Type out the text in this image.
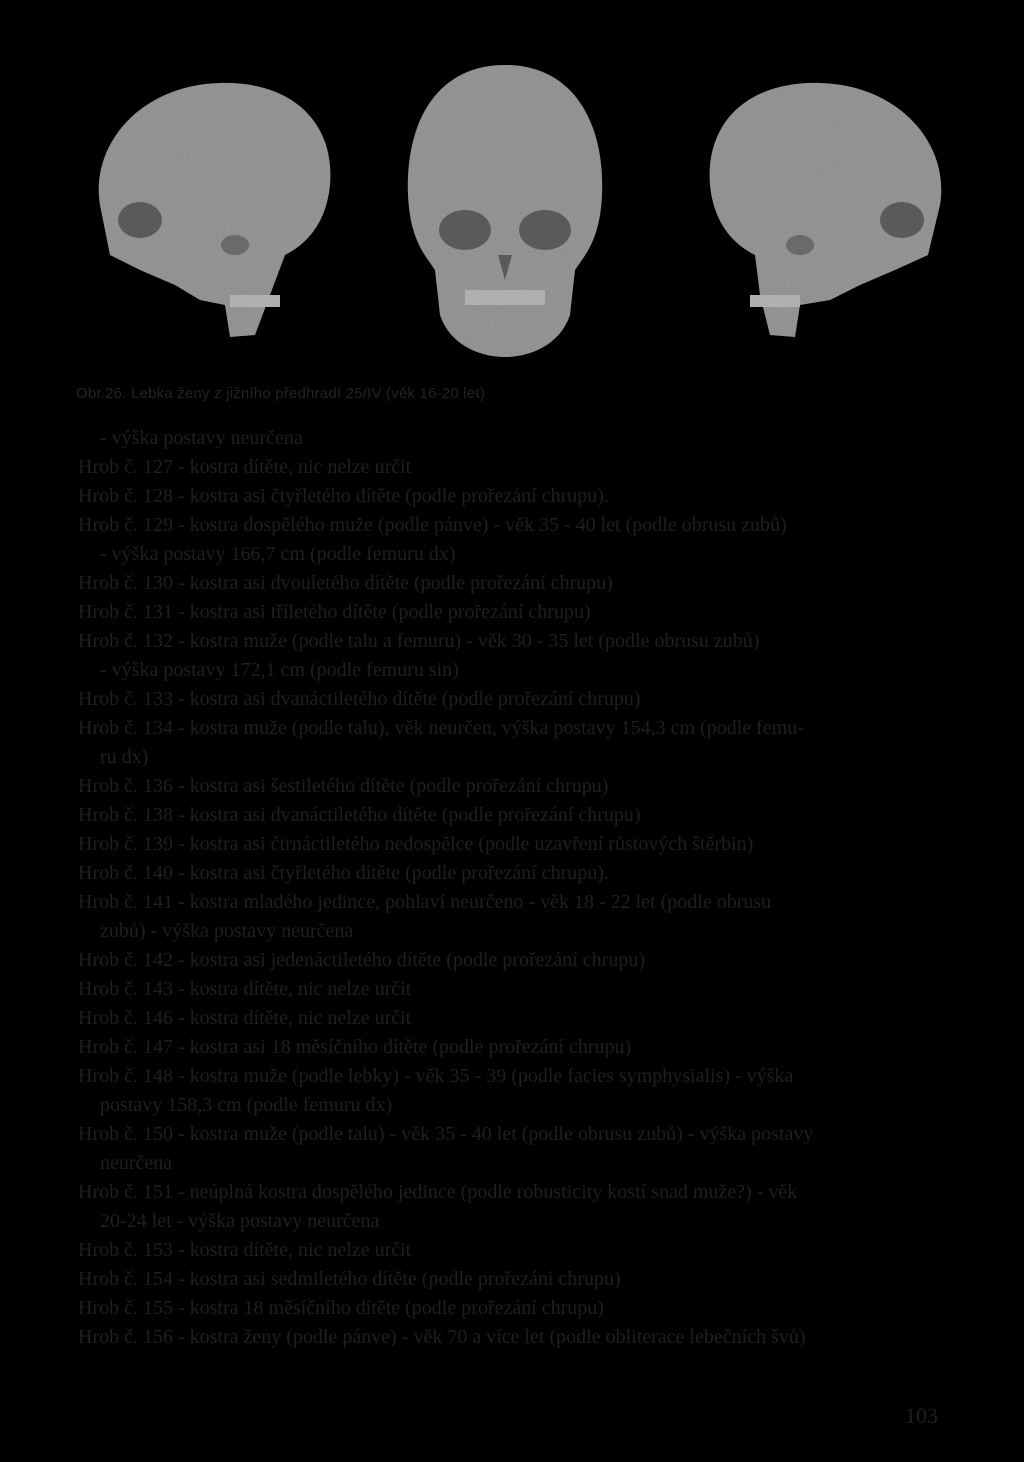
Obr.26. Lebka ženy z jižního předhradí 25/IV (věk 16-20 let)
- výška postavy neurčena
Hrob č. 127 - kostra dítěte, nic nelze určit
Hrob č. 128 - kostra asi čtyřletého dítěte (podle prořezání chrupu).
Hrob č. 129 - kostra dospělého muže (podle pánve) - věk 35 - 40 let (podle obrusu zubů)
- výška postavy 166,7 cm (podle femuru dx)
Hrob č. 130 - kostra asi dvouletého dítěte (podle prořezání chrupu)
Hrob č. 131 - kostra asi tříletého dítěte (podle prořezání chrupu)
Hrob č. 132 - kostra muže (podle talu a femuru) - věk 30 - 35 let (podle obrusu zubů)
- výška postavy 172,1 cm (podle femuru sin)
Hrob č. 133 - kostra asi dvanáctiletého dítěte (podle prořezání chrupu)
Hrob č. 134 - kostra muže (podle talu), věk neurčen, výška postavy 154,3 cm (podle femu-
ru dx)
Hrob č. 136 - kostra asi šestiletého dítěte (podle prořezání chrupu)
Hrob č. 138 - kostra asi dvanáctiletého dítěte (podle prořezání chrupu)
Hrob č. 139 - kostra asi čtrnáctiletého nedospělce (podle uzavření růstových štěrbin)
Hrob č. 140 - kostra asi čtyřletého dítěte (podle prořezání chrupu).
Hrob č. 141 - kostra mladého jedince, pohlaví neurčeno - věk 18 - 22 let (podle obrusu
zubů) - výška postavy neurčena
Hrob č. 142 - kostra asi jedenáctiletého dítěte (podle prořezání chrupu)
Hrob č. 143 - kostra dítěte, nic nelze určit
Hrob č. 146 - kostra dítěte, nic nelze určit
Hrob č. 147 - kostra asi 18 měsíčního dítěte (podle prořezání chrupu)
Hrob č. 148 - kostra muže (podle lebky) - věk 35 - 39 (podle facies symphysialis) - výška
postavy 158,3 cm (podle femuru dx)
Hrob č. 150 - kostra muže (podle talu) - věk 35 - 40 let (podle obrusu zubů) - výška postavy
neurčena
Hrob č. 151 - neúplná kostra dospělého jedince (podle robusticity kostí snad muže?) - věk
20-24 let - výška postavy neurčena
Hrob č. 153 - kostra dítěte, nic nelze určit
Hrob č. 154 - kostra asi sedmiletého dítěte (podle prořezání chrupu)
Hrob č. 155 - kostra 18 měsíčního dítěte (podle prořezání chrupu)
Hrob č. 156 - kostra ženy (podle pánve) - věk 70 a více let (podle obliterace lebečních švů)
103
